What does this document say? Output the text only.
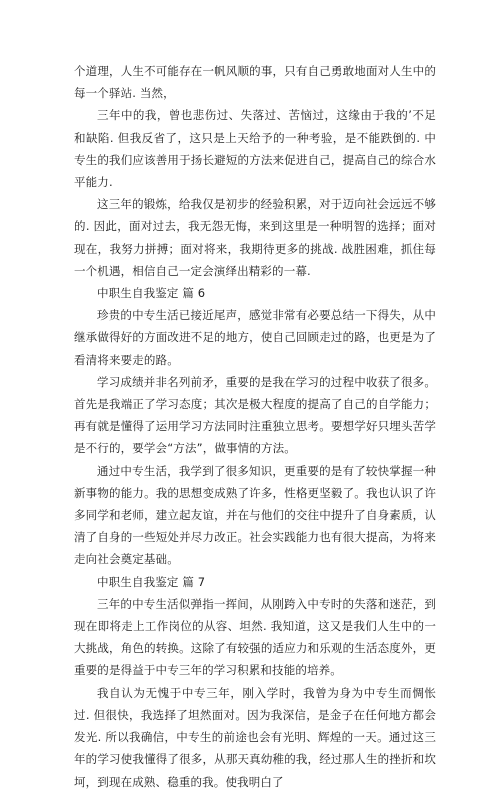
个道理，人生不可能存在一帆风顺的事，只有自己勇敢地面对人生中的每一个驿站. 当然，

三年中的我，曾也悲伤过、失落过、苦恼过，这缘由于我的’不足和缺陷. 但我反省了，这只是上天给予的一种考验，是不能跌倒的. 中专生的我们应该善用于扬长避短的方法来促进自己，提高自己的综合水平能力.

这三年的锻炼，给我仅是初步的经验积累，对于迈向社会远远不够的. 因此，面对过去，我无怨无悔，来到这里是一种明智的选择；面对现在，我努力拼搏；面对将来，我期待更多的挑战. 战胜困难，抓住每一个机遇，相信自己一定会演绎出精彩的一幕.

中职生自我鉴定 篇 6

珍贵的中专生活已接近尾声，感觉非常有必要总结一下得失，从中继承做得好的方面改进不足的地方，使自己回顾走过的路，也更是为了看清将来要走的路。

学习成绩并非名列前矛，重要的是我在学习的过程中收获了很多。首先是我端正了学习态度；其次是极大程度的提高了自己的自学能力；再有就是懂得了运用学习方法同时注重独立思考。要想学好只埋头苦学是不行的，要学会“方法”，做事情的方法。

通过中专生活，我学到了很多知识，更重要的是有了较快掌握一种新事物的能力。我的思想变成熟了许多，性格更坚毅了。我也认识了许多同学和老师，建立起友谊，并在与他们的交往中提升了自身素质，认清了自身的一些短处并尽力改正。社会实践能力也有很大提高，为将来走向社会奠定基础。

中职生自我鉴定 篇 7

三年的中专生活似弹指一挥间，从刚跨入中专时的失落和迷茫，到现在即将走上工作岗位的从容、坦然. 我知道，这又是我们人生中的一大挑战，角色的转换。这除了有较强的适应力和乐观的生活态度外，更重要的是得益于中专三年的学习积累和技能的培养。

我自认为无愧于中专三年，刚入学时，我曾为身为中专生而惆怅过. 但很快，我选择了坦然面对。因为我深信，是金子在任何地方都会发光. 所以我确信，中专生的前途也会有光明、辉煌的一天。通过这三年的学习使我懂得了很多，从那天真幼稚的我，经过那人生的挫折和坎坷，到现在成熟、稳重的我。使我明白了
